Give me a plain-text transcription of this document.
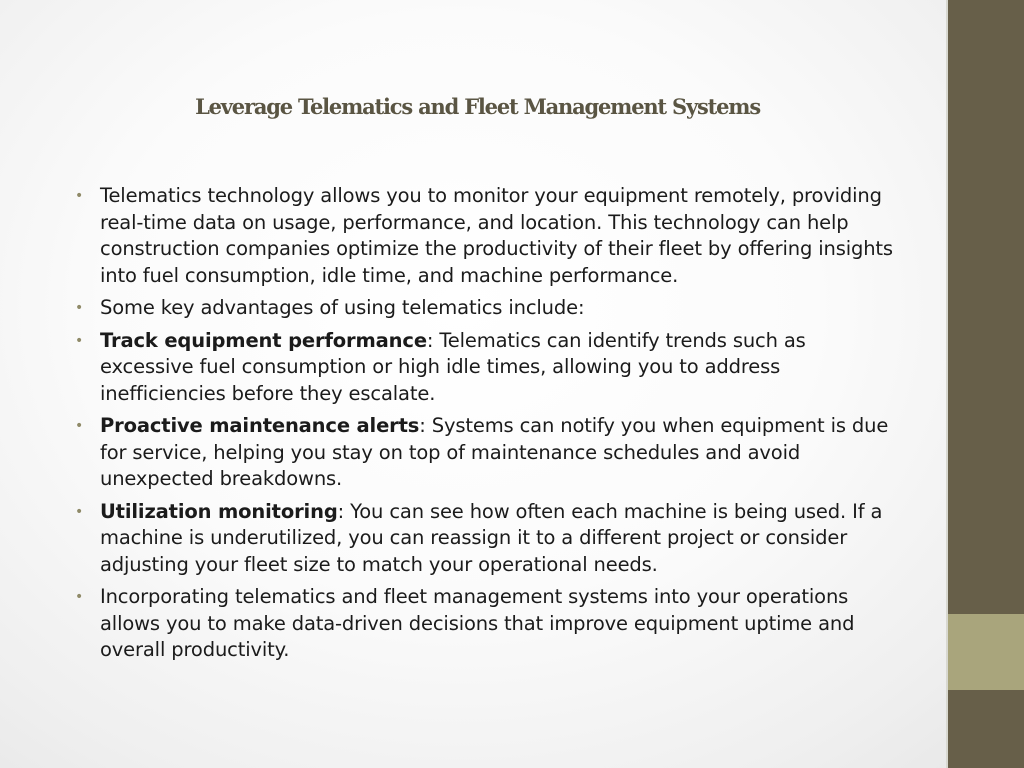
Leverage Telematics and Fleet Management Systems
• Telematics technology allows you to monitor your equipment remotely, providing real-time data on usage, performance, and location. This technology can help construction companies optimize the productivity of their fleet by offering insights into fuel consumption, idle time, and machine performance.
• Some key advantages of using telematics include:
• Track equipment performance: Telematics can identify trends such as excessive fuel consumption or high idle times, allowing you to address inefficiencies before they escalate.
• Proactive maintenance alerts: Systems can notify you when equipment is due for service, helping you stay on top of maintenance schedules and avoid unexpected breakdowns.
• Utilization monitoring: You can see how often each machine is being used. If a machine is underutilized, you can reassign it to a different project or consider adjusting your fleet size to match your operational needs.
• Incorporating telematics and fleet management systems into your operations allows you to make data-driven decisions that improve equipment uptime and overall productivity.
